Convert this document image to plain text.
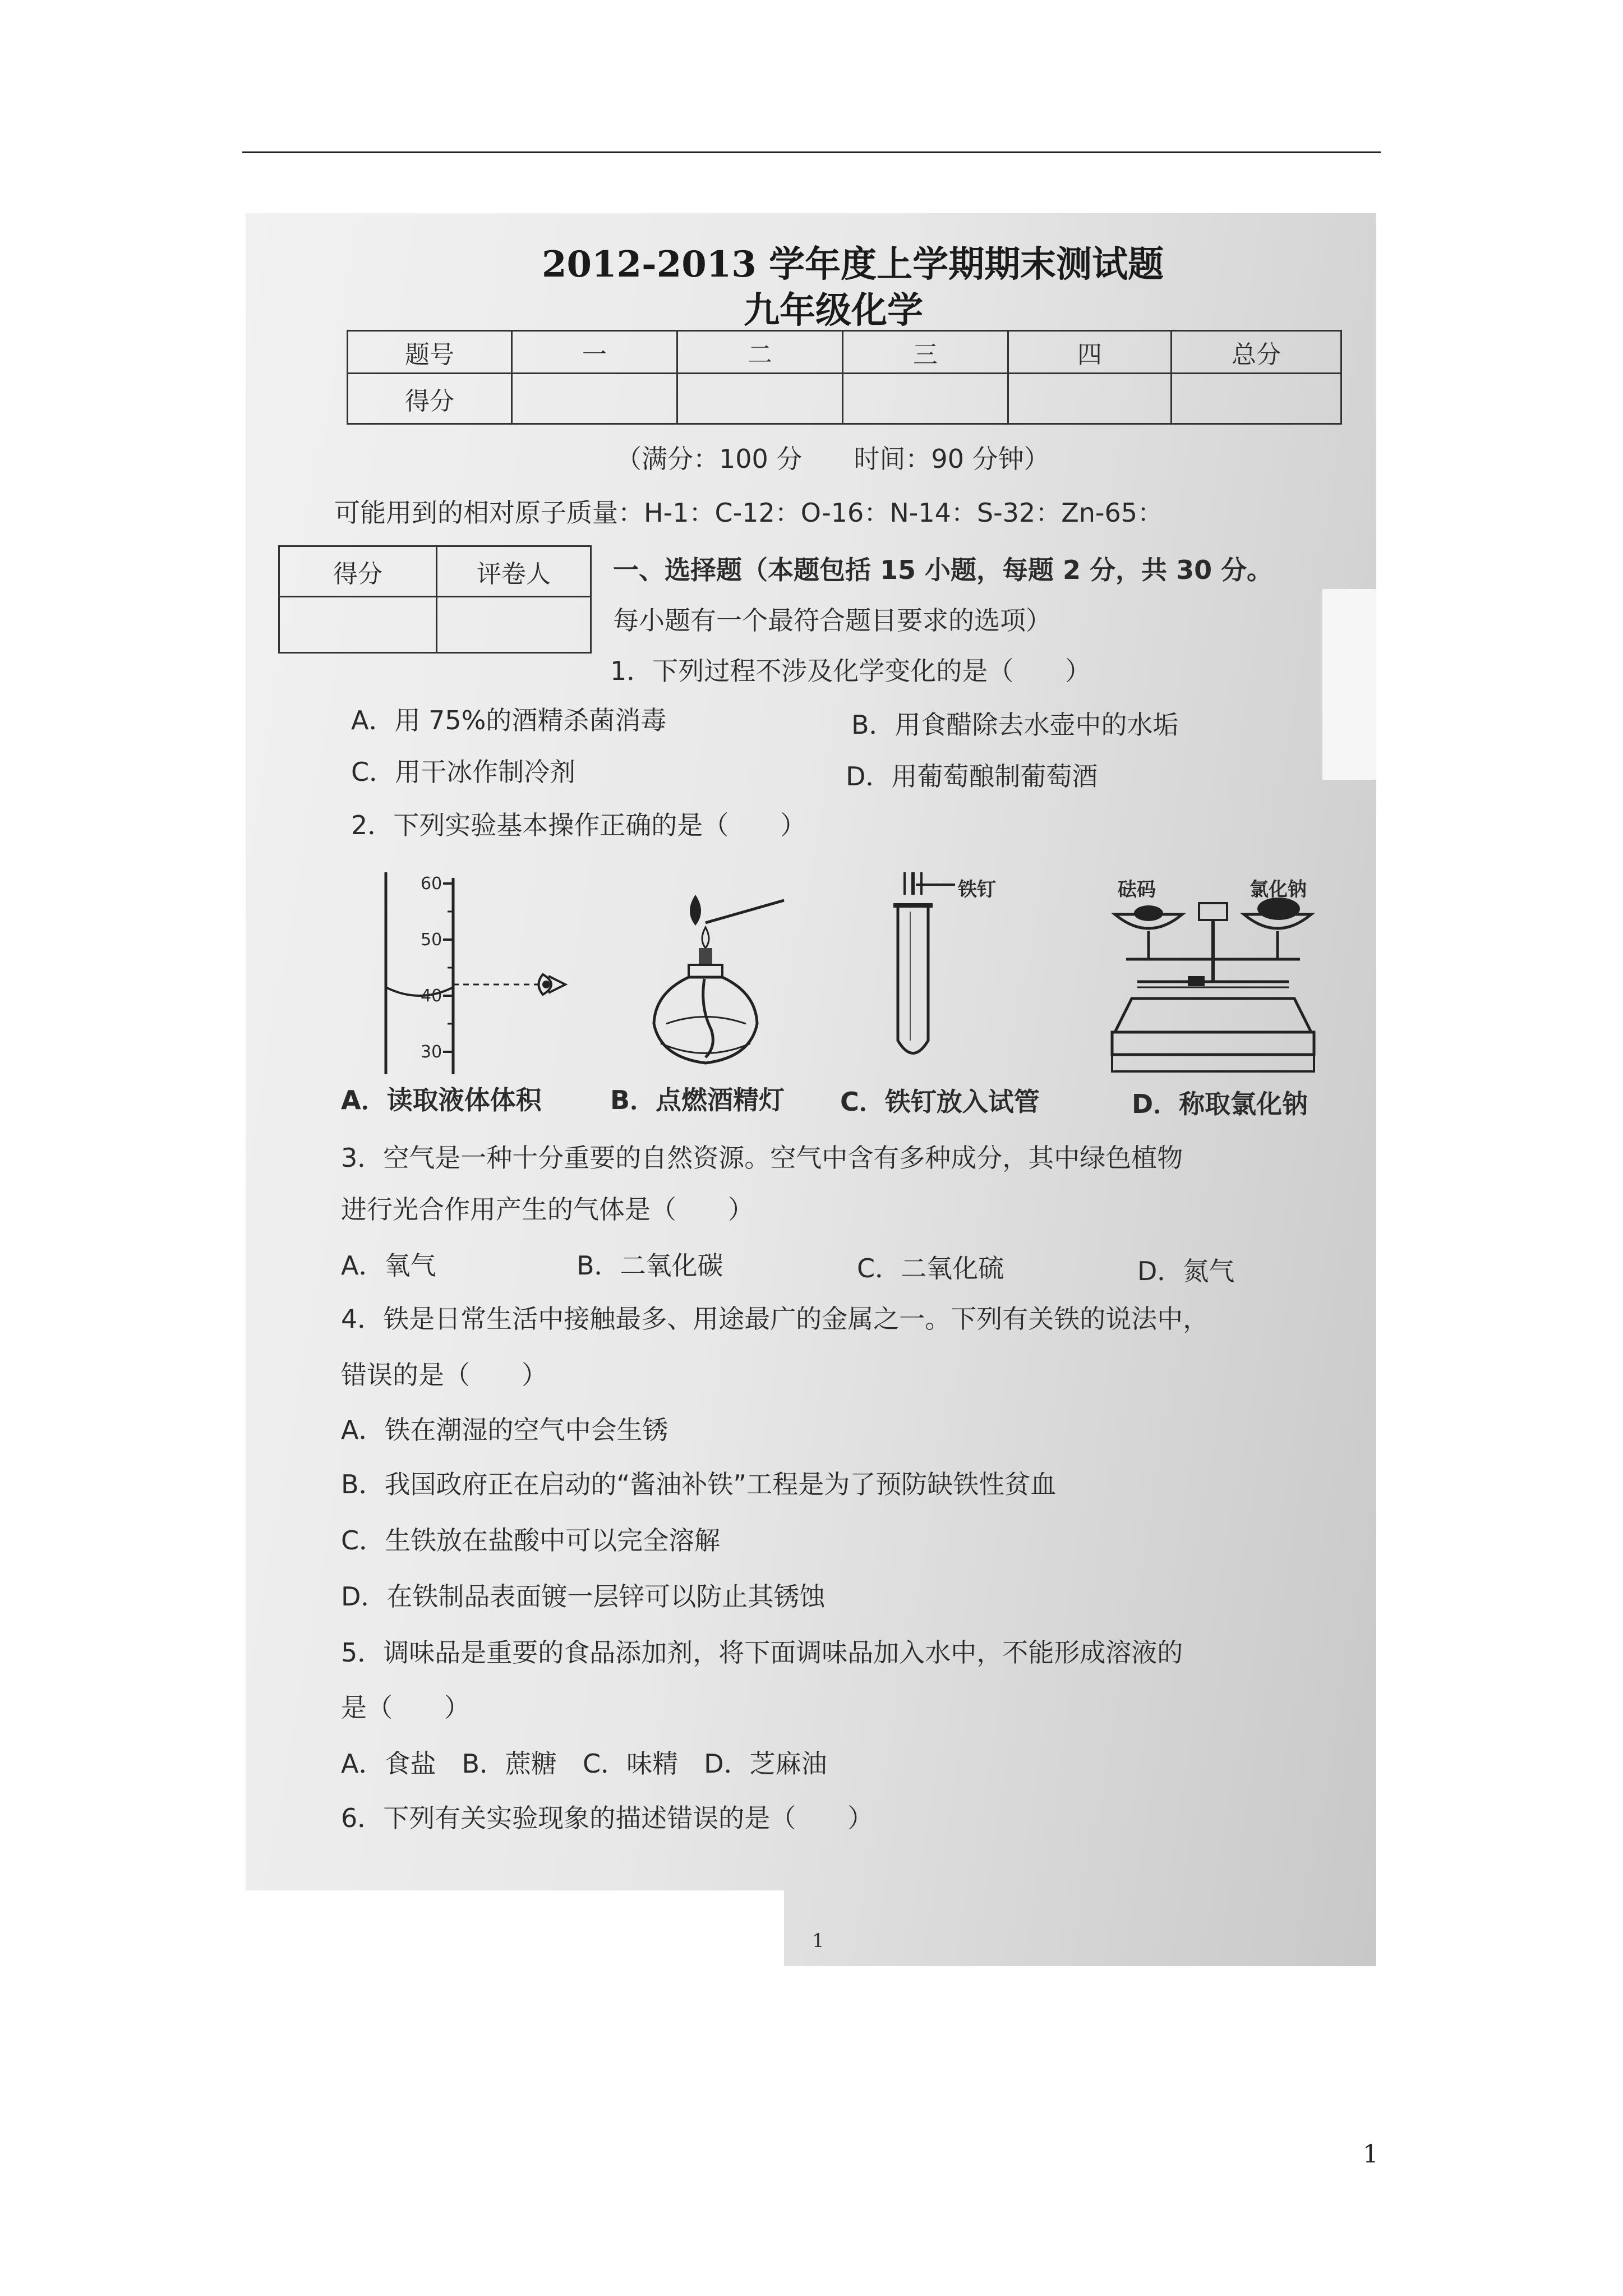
2012-2013 学年度上学期期末测试题
九年级化学
题号	一	二	三	四	总分
得分					
（满分：100 分　　时间：90 分钟）
可能用到的相对原子质量：H-1：C-12：O-16：N-14：S-32：Zn-65：
得分	评卷人
	一、选择题（本题包括 15 小题，每题 2 分，共 30 分。
每小题有一个最符合题目要求的选项）
1．下列过程不涉及化学变化的是（　　）
A．用 75%的酒精杀菌消毒	B．用食醋除去水壶中的水垢
C．用干冰作制冷剂	D．用葡萄酿制葡萄酒
2．下列实验基本操作正确的是（　　）
60
50
40
30
铁钉	砝码	氯化钠
A．读取液体体积	B．点燃酒精灯 C．铁钉放入试管	D．称取氯化钠
3．空气是一种十分重要的自然资源。空气中含有多种成分，其中绿色植物
进行光合作用产生的气体是（　　）
A．氧气	B．二氧化碳	C．二氧化硫	D．氮气
4．铁是日常生活中接触最多、用途最广的金属之一。下列有关铁的说法中，
错误的是（　　）
A．铁在潮湿的空气中会生锈
B．我国政府正在启动的“酱油补铁”工程是为了预防缺铁性贫血
C．生铁放在盐酸中可以完全溶解
D．在铁制品表面镀一层锌可以防止其锈蚀
5．调味品是重要的食品添加剂，将下面调味品加入水中，不能形成溶液的
是（　　）
A．食盐　B．蔗糖　C．味精　D．芝麻油
6．下列有关实验现象的描述错误的是（　　）
1
1
